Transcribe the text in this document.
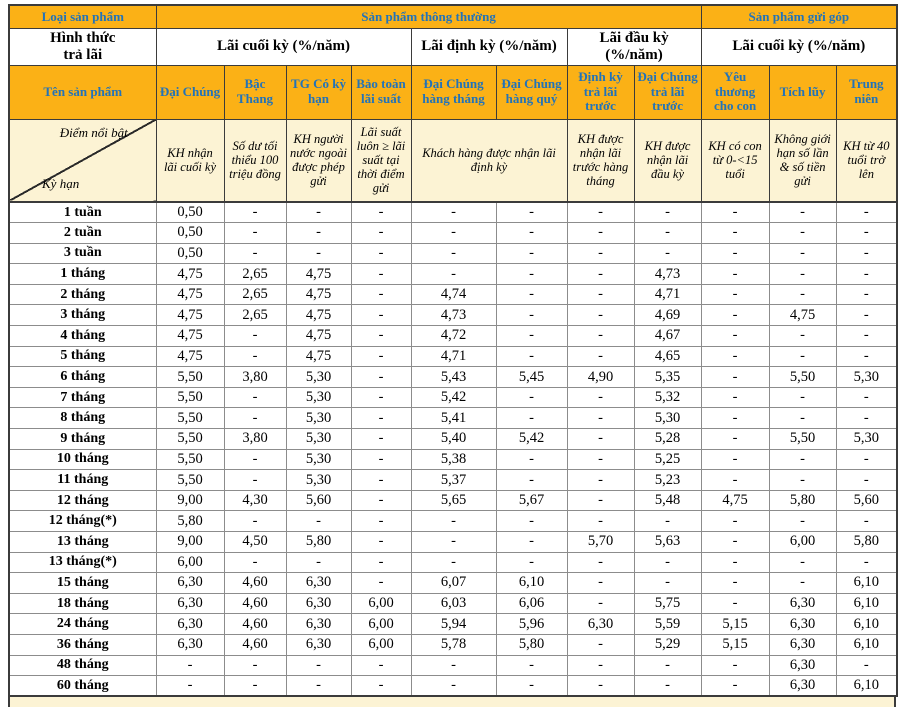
Loại sản phẩm	Sản phẩm thông thường								Sản phẩm gửi góp		
Hình thức
trả lãi	Lãi cuối kỳ (%/năm)				Lãi định kỳ (%/năm)		Lãi đầu kỳ (%/năm)		Lãi cuối kỳ (%/năm)		
Tên sản phẩm	Đại Chúng	Bậc Thang	TG Có kỳ hạn	Bảo toàn lãi suất	Đại Chúng hàng tháng	Đại Chúng hàng quý	Định kỳ trả lãi trước	Đại Chúng trả lãi trước	Yêu thương cho con	Tích lũy	Trung niên

Điểm nổi bật
Kỳ hạn	KH nhận lãi cuối kỳ	Số dư tối thiểu 100 triệu đồng	KH người nước ngoài được phép gửi	Lãi suất luôn ≥ lãi suất tại thời điểm gửi	Khách hàng được nhận lãi định kỳ		KH được nhận lãi trước hàng tháng	KH được nhận lãi đầu kỳ	KH có con từ 0-<15 tuổi	Không giới hạn số lần & số tiền gửi	KH từ 40 tuổi trở lên
1 tuần	0,50	-	-	-	-	-	-	-	-	-	-
2 tuần	0,50	-	-	-	-	-	-	-	-	-	-
3 tuần	0,50	-	-	-	-	-	-	-	-	-	-
1 tháng	4,75	2,65	4,75	-	-	-	-	4,73	-	-	-
2 tháng	4,75	2,65	4,75	-	4,74	-	-	4,71	-	-	-
3 tháng	4,75	2,65	4,75	-	4,73	-	-	4,69	-	4,75	-
4 tháng	4,75	-	4,75	-	4,72	-	-	4,67	-	-	-
5 tháng	4,75	-	4,75	-	4,71	-	-	4,65	-	-	-
6 tháng	5,50	3,80	5,30	-	5,43	5,45	4,90	5,35	-	5,50	5,30
7 tháng	5,50	-	5,30	-	5,42	-	-	5,32	-	-	-
8 tháng	5,50	-	5,30	-	5,41	-	-	5,30	-	-	-
9 tháng	5,50	3,80	5,30	-	5,40	5,42	-	5,28	-	5,50	5,30
10 tháng	5,50	-	5,30	-	5,38	-	-	5,25	-	-	-
11 tháng	5,50	-	5,30	-	5,37	-	-	5,23	-	-	-
12 tháng	9,00	4,30	5,60	-	5,65	5,67	-	5,48	4,75	5,80	5,60
12 tháng(*)	5,80	-	-	-	-	-	-	-	-	-	-
13 tháng	9,00	4,50	5,80	-	-	-	5,70	5,63	-	6,00	5,80
13 tháng(*)	6,00	-	-	-	-	-	-	-	-	-	-
15 tháng	6,30	4,60	6,30	-	6,07	6,10	-	-	-	-	6,10
18 tháng	6,30	4,60	6,30	6,00	6,03	6,06	-	5,75	-	6,30	6,10
24 tháng	6,30	4,60	6,30	6,00	5,94	5,96	6,30	5,59	5,15	6,30	6,10
36 tháng	6,30	4,60	6,30	6,00	5,78	5,80	-	5,29	5,15	6,30	6,10
48 tháng	-	-	-	-	-	-	-	-	-	6,30	-
60 tháng	-	-	-	-	-	-	-	-	-	6,30	6,10
